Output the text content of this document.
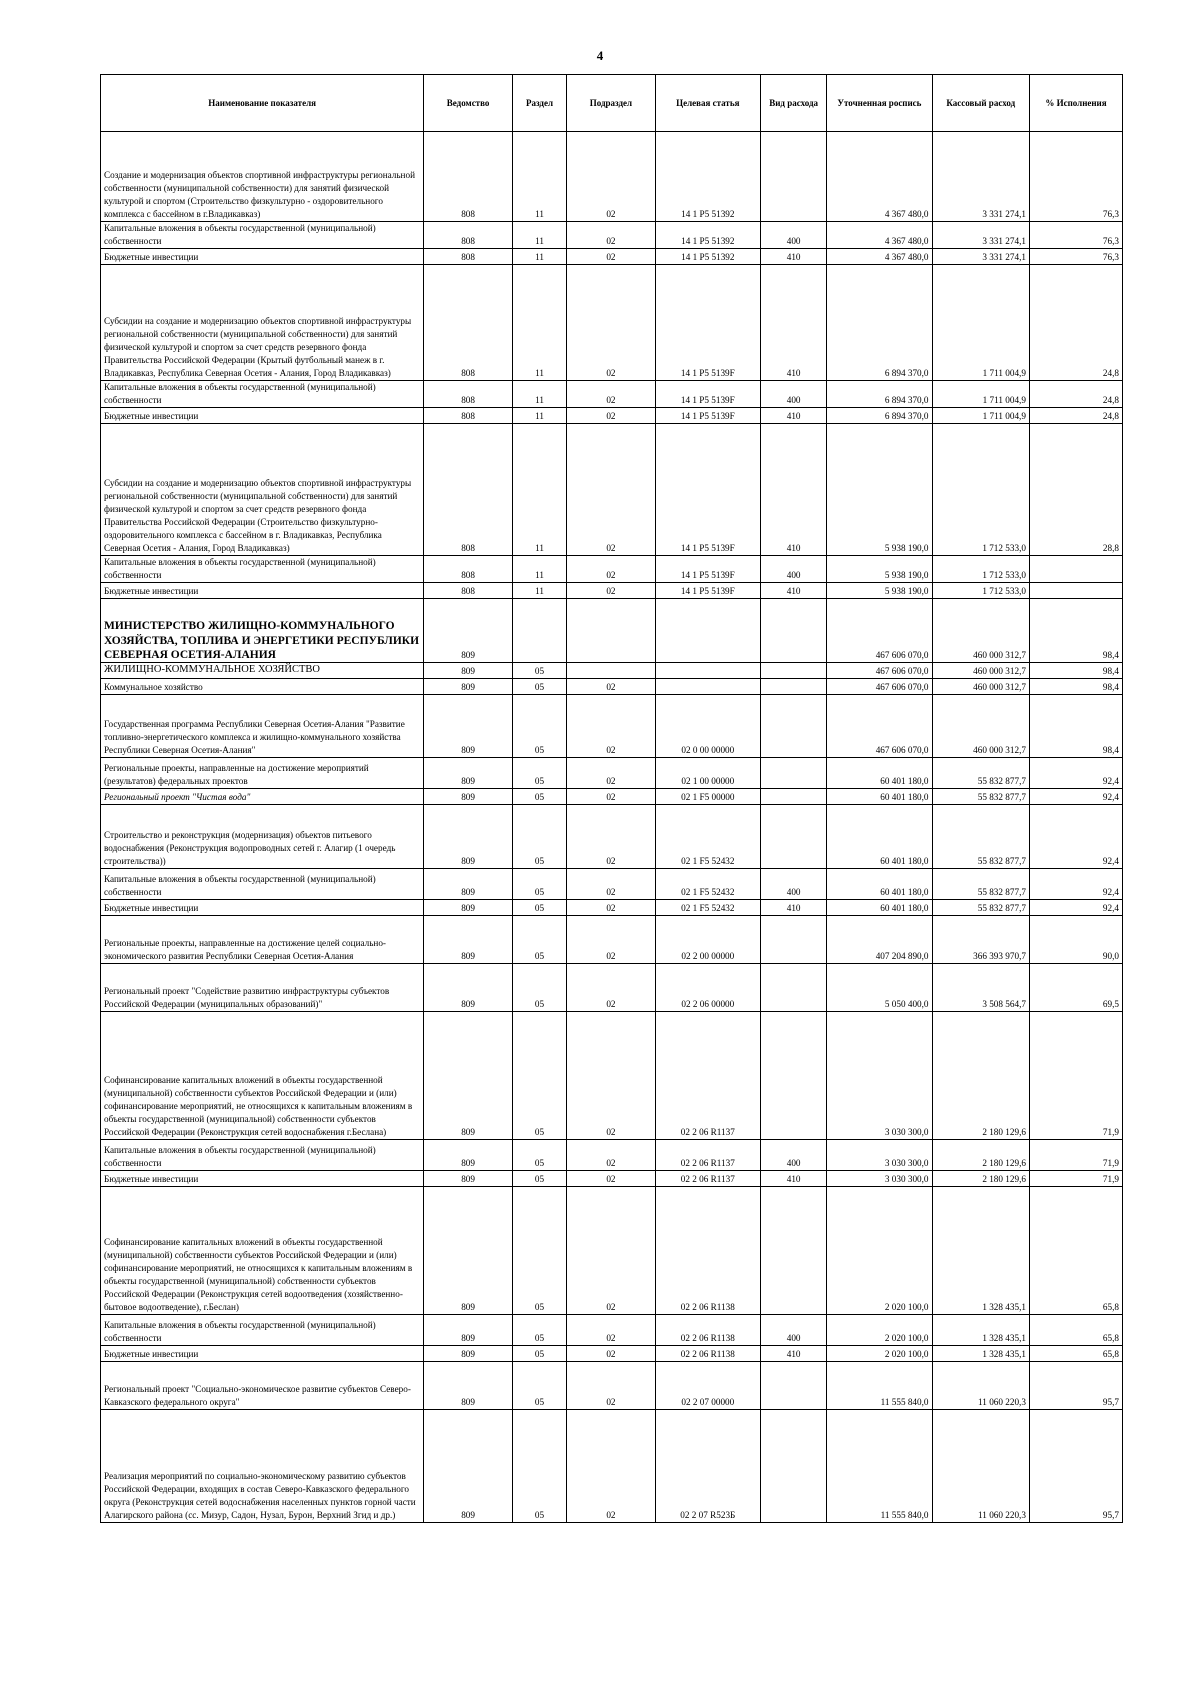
4
Наименование показателя	Ведомство	Раздел	Подраздел	Целевая статья	Вид расхода	Уточненная роспись	Кассовый расход	% Исполнения
Создание и модернизация объектов спортивной инфраструктуры региональной собственности (муниципальной собственности) для занятий физической культурой и спортом (Строительство физкультурно - оздоровительного комплекса с бассейном в г.Владикавказ)	808	11	02	14 1 P5 51392		4 367 480,0	3 331 274,1	76,3
Капитальные вложения в объекты государственной (муниципальной) собственности	808	11	02	14 1 P5 51392	400	4 367 480,0	3 331 274,1	76,3
Бюджетные инвестиции	808	11	02	14 1 P5 51392	410	4 367 480,0	3 331 274,1	76,3
Субсидии на создание и модернизацию объектов спортивной инфраструктуры региональной собственности (муниципальной собственности) для занятий физической культурой и спортом за счет средств резервного фонда Правительства Российской Федерации (Крытый футбольный манеж в г. Владикавказ, Республика Северная Осетия - Алания, Город Владикавказ)	808	11	02	14 1 P5 5139F	410	6 894 370,0	1 711 004,9	24,8
Капитальные вложения в объекты государственной (муниципальной) собственности	808	11	02	14 1 P5 5139F	400	6 894 370,0	1 711 004,9	24,8
Бюджетные инвестиции	808	11	02	14 1 P5 5139F	410	6 894 370,0	1 711 004,9	24,8
Субсидии на создание и модернизацию объектов спортивной инфраструктуры региональной собственности (муниципальной собственности) для занятий физической культурой и спортом за счет средств резервного фонда Правительства Российской Федерации (Строительство физкультурно-оздоровительного комплекса с бассейном в г. Владикавказ, Республика Северная Осетия - Алания, Город Владикавказ)	808	11	02	14 1 P5 5139F	410	5 938 190,0	1 712 533,0	28,8
Капитальные вложения в объекты государственной (муниципальной) собственности	808	11	02	14 1 P5 5139F	400	5 938 190,0	1 712 533,0	
Бюджетные инвестиции	808	11	02	14 1 P5 5139F	410	5 938 190,0	1 712 533,0	
МИНИСТЕРСТВО ЖИЛИЩНО-КОММУНАЛЬНОГО ХОЗЯЙСТВА, ТОПЛИВА И ЭНЕРГЕТИКИ РЕСПУБЛИКИ СЕВЕРНАЯ ОСЕТИЯ-АЛАНИЯ	809					467 606 070,0	460 000 312,7	98,4
ЖИЛИЩНО-КОММУНАЛЬНОЕ ХОЗЯЙСТВО	809	05				467 606 070,0	460 000 312,7	98,4
Коммунальное хозяйство	809	05	02			467 606 070,0	460 000 312,7	98,4
Государственная программа Республики Северная Осетия-Алания "Развитие топливно-энергетического комплекса и жилищно-коммунального хозяйства Республики Северная Осетия-Алания"	809	05	02	02 0 00 00000		467 606 070,0	460 000 312,7	98,4
Региональные проекты, направленные на достижение мероприятий (результатов) федеральных проектов	809	05	02	02 1 00 00000		60 401 180,0	55 832 877,7	92,4
Региональный проект "Чистая вода"	809	05	02	02 1 F5 00000		60 401 180,0	55 832 877,7	92,4
Строительство и реконструкция (модернизация) объектов питьевого водоснабжения (Реконструкция водопроводных сетей г. Алагир (1 очередь строительства))	809	05	02	02 1 F5 52432		60 401 180,0	55 832 877,7	92,4
Капитальные вложения в объекты государственной (муниципальной) собственности	809	05	02	02 1 F5 52432	400	60 401 180,0	55 832 877,7	92,4
Бюджетные инвестиции	809	05	02	02 1 F5 52432	410	60 401 180,0	55 832 877,7	92,4
Региональные проекты, направленные на достижение целей социально-экономического развития Республики Северная Осетия-Алания	809	05	02	02 2 00 00000		407 204 890,0	366 393 970,7	90,0
Региональный проект "Содействие развитию инфраструктуры субъектов Российской Федерации (муниципальных образований)"	809	05	02	02 2 06 00000		5 050 400,0	3 508 564,7	69,5
Софинансирование капитальных вложений в объекты государственной (муниципальной) собственности субъектов Российской Федерации и (или) софинансирование мероприятий, не относящихся к капитальным вложениям в объекты государственной (муниципальной) собственности субъектов Российской Федерации (Реконструкция сетей водоснабжения г.Беслана)	809	05	02	02 2 06 R1137		3 030 300,0	2 180 129,6	71,9
Капитальные вложения в объекты государственной (муниципальной) собственности	809	05	02	02 2 06 R1137	400	3 030 300,0	2 180 129,6	71,9
Бюджетные инвестиции	809	05	02	02 2 06 R1137	410	3 030 300,0	2 180 129,6	71,9
Софинансирование капитальных вложений в объекты государственной (муниципальной) собственности субъектов Российской Федерации и (или) софинансирование мероприятий, не относящихся к капитальным вложениям в объекты государственной (муниципальной) собственности субъектов Российской Федерации (Реконструкция сетей водоотведения (хозяйственно-бытовое водоотведение), г.Беслан)	809	05	02	02 2 06 R1138		2 020 100,0	1 328 435,1	65,8
Капитальные вложения в объекты государственной (муниципальной) собственности	809	05	02	02 2 06 R1138	400	2 020 100,0	1 328 435,1	65,8
Бюджетные инвестиции	809	05	02	02 2 06 R1138	410	2 020 100,0	1 328 435,1	65,8
Региональный проект "Социально-экономическое развитие субъектов Северо-Кавказского федерального округа"	809	05	02	02 2 07 00000		11 555 840,0	11 060 220,3	95,7
Реализация мероприятий по социально-экономическому развитию субъектов Российской Федерации, входящих в состав Северо-Кавказского федерального округа (Реконструкция сетей водоснабжения населенных пунктов горной части Алагирского района (сс. Мизур, Садон, Нузал, Бурон, Верхний Згид и др.)	809	05	02	02 2 07 R523Б		11 555 840,0	11 060 220,3	95,7
